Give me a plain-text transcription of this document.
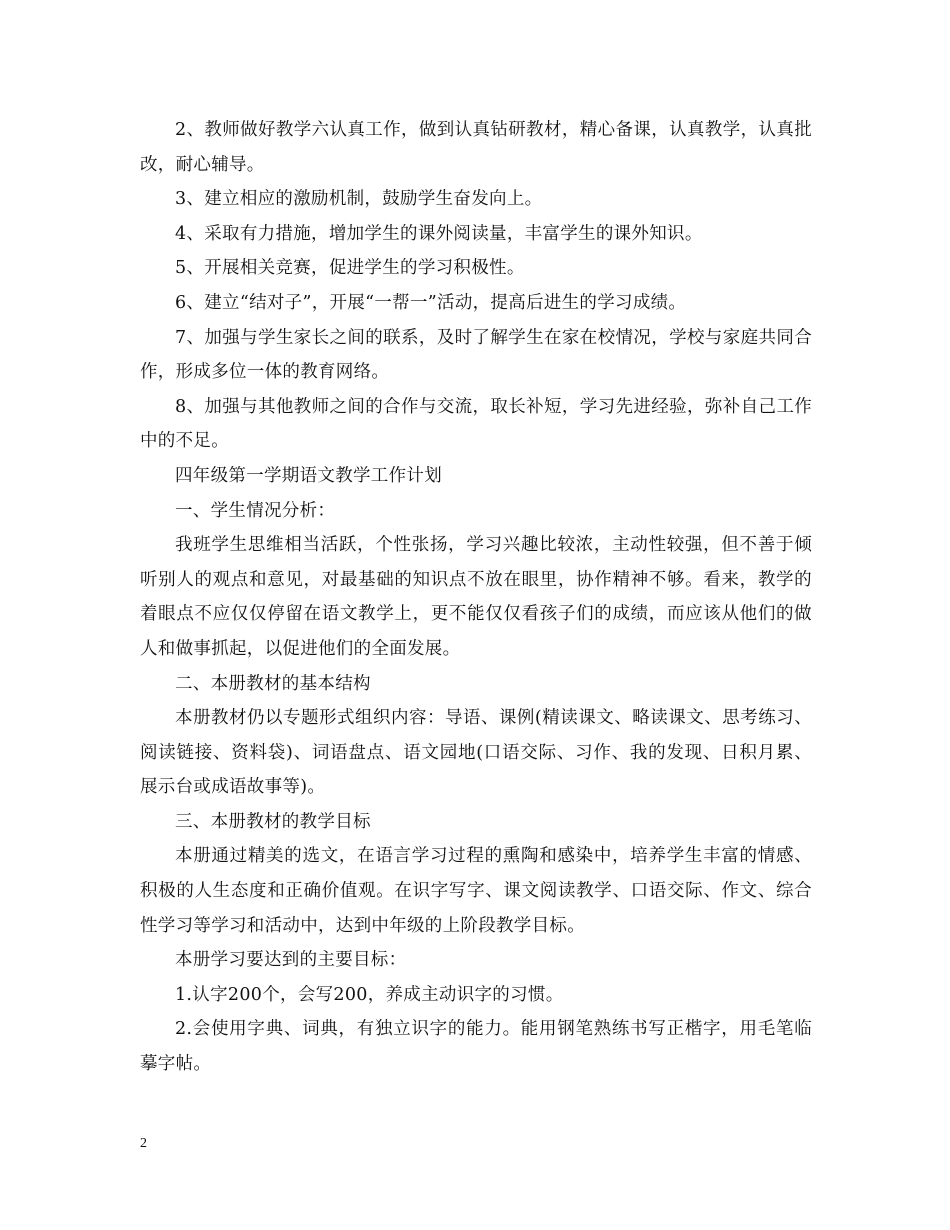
2、教师做好教学六认真工作，做到认真钻研教材，精心备课，认真教学，认真批改，耐心辅导。

3、建立相应的激励机制，鼓励学生奋发向上。

4、采取有力措施，增加学生的课外阅读量，丰富学生的课外知识。

5、开展相关竞赛，促进学生的学习积极性。

6、建立“结对子”，开展“一帮一”活动，提高后进生的学习成绩。

7、加强与学生家长之间的联系，及时了解学生在家在校情况，学校与家庭共同合作，形成多位一体的教育网络。

8、加强与其他教师之间的合作与交流，取长补短，学习先进经验，弥补自己工作中的不足。

四年级第一学期语文教学工作计划

一、学生情况分析：

我班学生思维相当活跃，个性张扬，学习兴趣比较浓，主动性较强，但不善于倾听别人的观点和意见，对最基础的知识点不放在眼里，协作精神不够。看来，教学的着眼点不应仅仅停留在语文教学上，更不能仅仅看孩子们的成绩，而应该从他们的做人和做事抓起，以促进他们的全面发展。

二、本册教材的基本结构

本册教材仍以专题形式组织内容：导语、课例(精读课文、略读课文、思考练习、阅读链接、资料袋)、词语盘点、语文园地(口语交际、习作、我的发现、日积月累、展示台或成语故事等)。

三、本册教材的教学目标

本册通过精美的选文，在语言学习过程的熏陶和感染中，培养学生丰富的情感、积极的人生态度和正确价值观。在识字写字、课文阅读教学、口语交际、作文、综合性学习等学习和活动中，达到中年级的上阶段教学目标。

本册学习要达到的主要目标：

1.认字200个，会写200，养成主动识字的习惯。

2.会使用字典、词典，有独立识字的能力。能用钢笔熟练书写正楷字，用毛笔临摹字帖。

2
